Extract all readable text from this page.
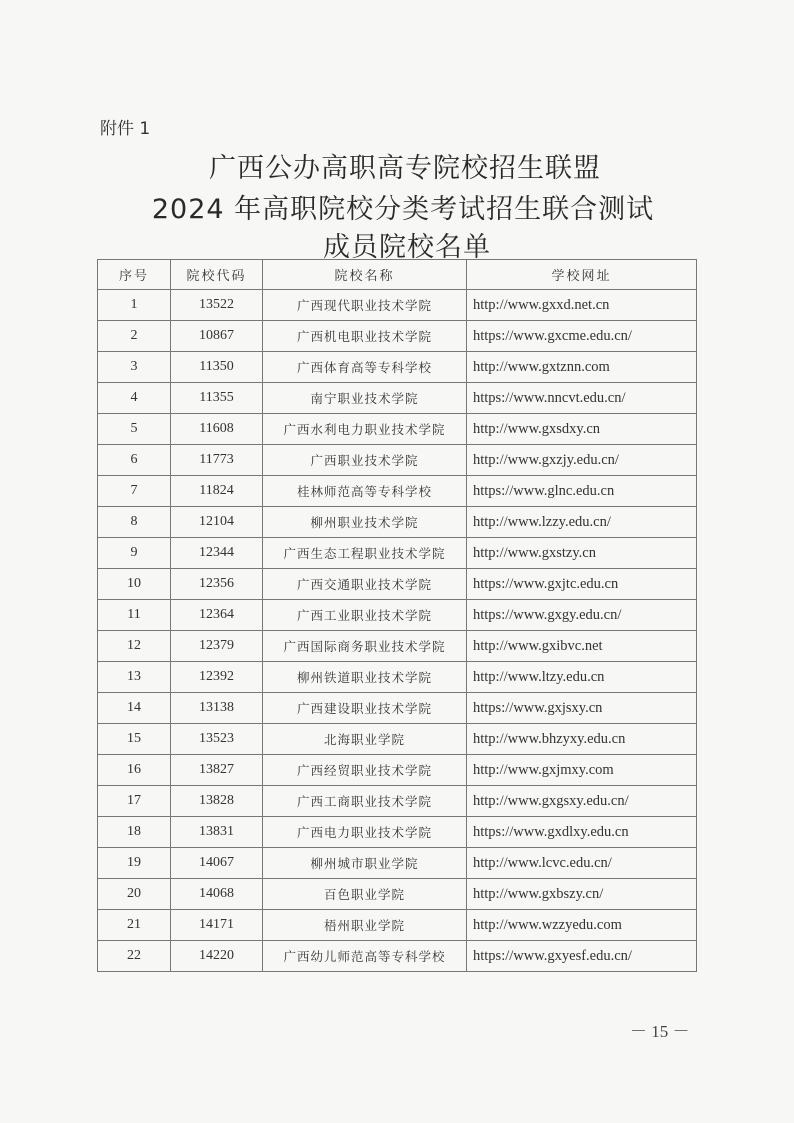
附件 1
广西公办高职高专院校招生联盟
2024 年高职院校分类考试招生联合测试
成员院校名单
序号	院校代码	院校名称	学校网址
1	13522	广西现代职业技术学院	http://www.gxxd.net.cn
2	10867	广西机电职业技术学院	https://www.gxcme.edu.cn/
3	11350	广西体育高等专科学校	http://www.gxtznn.com
4	11355	南宁职业技术学院	https://www.nncvt.edu.cn/
5	11608	广西水利电力职业技术学院	http://www.gxsdxy.cn
6	11773	广西职业技术学院	http://www.gxzjy.edu.cn/
7	11824	桂林师范高等专科学校	https://www.glnc.edu.cn
8	12104	柳州职业技术学院	http://www.lzzy.edu.cn/
9	12344	广西生态工程职业技术学院	http://www.gxstzy.cn
10	12356	广西交通职业技术学院	https://www.gxjtc.edu.cn
11	12364	广西工业职业技术学院	https://www.gxgy.edu.cn/
12	12379	广西国际商务职业技术学院	http://www.gxibvc.net
13	12392	柳州铁道职业技术学院	http://www.ltzy.edu.cn
14	13138	广西建设职业技术学院	https://www.gxjsxy.cn
15	13523	北海职业学院	http://www.bhzyxy.edu.cn
16	13827	广西经贸职业技术学院	http://www.gxjmxy.com
17	13828	广西工商职业技术学院	http://www.gxgsxy.edu.cn/
18	13831	广西电力职业技术学院	https://www.gxdlxy.edu.cn
19	14067	柳州城市职业学院	http://www.lcvc.edu.cn/
20	14068	百色职业学院	http://www.gxbszy.cn/
21	14171	梧州职业学院	http://www.wzzyedu.com
22	14220	广西幼儿师范高等专科学校	https://www.gxyesf.edu.cn/
－ 15 －
